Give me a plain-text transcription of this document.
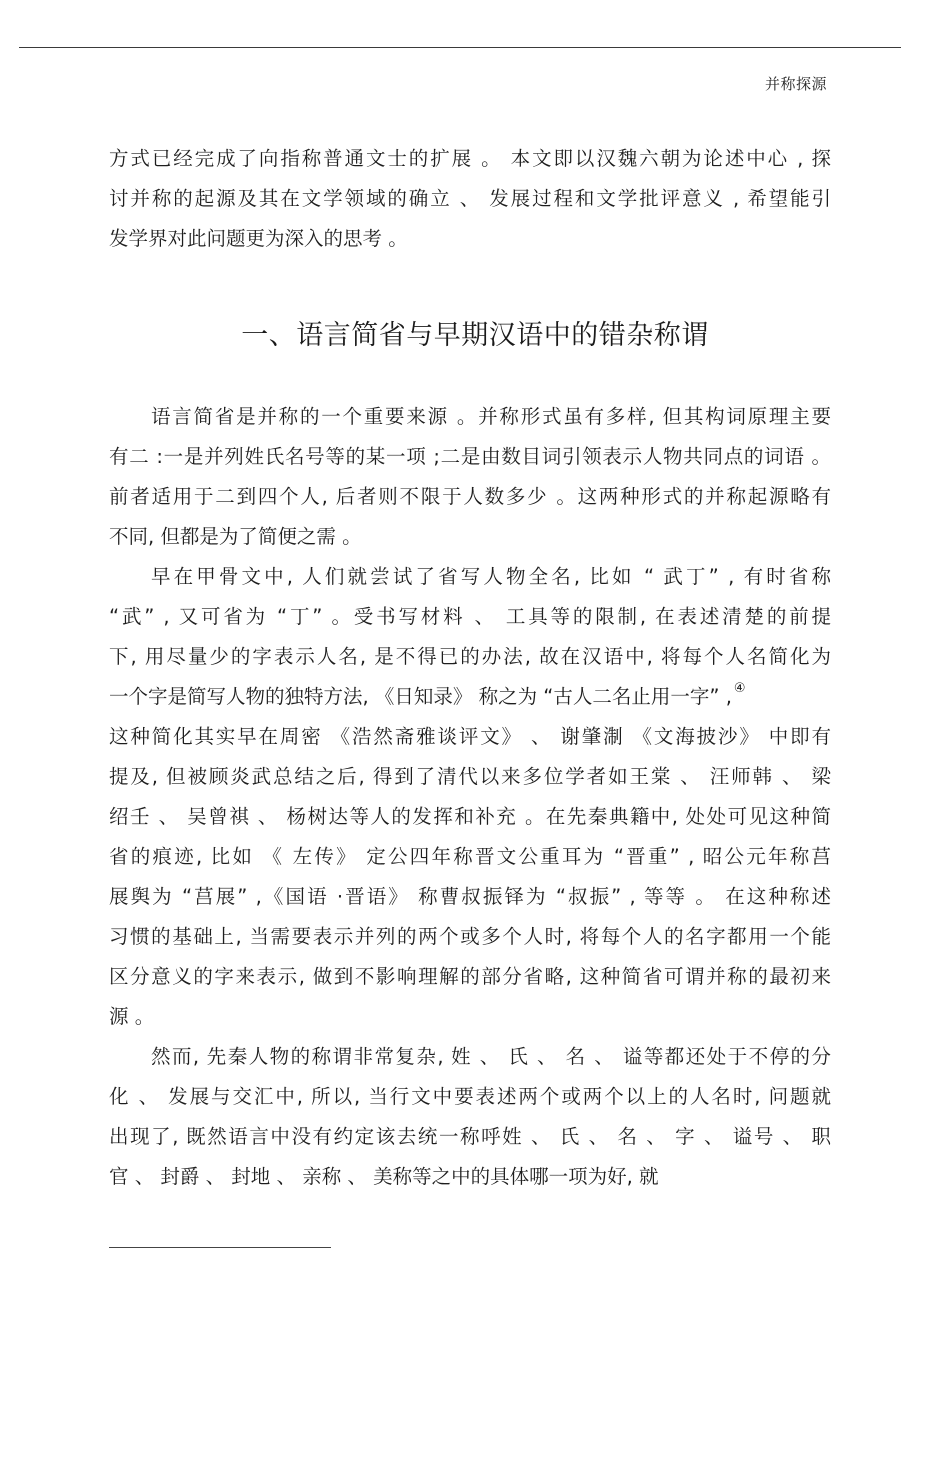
并称探源
方式已经完成了向指称普通文士的扩展 。 本文即以汉魏六朝为论述中心 , 探
讨并称的起源及其在文学领域的确立 、 发展过程和文学批评意义 , 希望能引
发学界对此问题更为深入的思考 。
一、语言简省与早期汉语中的错杂称谓
语言简省是并称的一个重要来源 。并称形式虽有多样, 但其构词原理主要
有二 :一是并列姓氏名号等的某一项 ;二是由数目词引领表示人物共同点的词语 。
前者适用于二到四个人, 后者则不限于人数多少 。这两种形式的并称起源略有
不同, 但都是为了简便之需 。
早在甲骨文中, 人们就尝试了省写人物全名, 比如 “ 武丁” , 有时省称
“武” , 又可省为 “丁” 。受书写材料 、 工具等的限制, 在表述清楚的前提
下, 用尽量少的字表示人名, 是不得已的办法, 故在汉语中, 将每个人名简化为
一个字是简写人物的独特方法, 《日知录》 称之为 “古人二名止用一字” , ④
这种简化其实早在周密 《浩然斋雅谈评文》 、 谢肇淛 《文海披沙》 中即有
提及, 但被顾炎武总结之后, 得到了清代以来多位学者如王棠 、 汪师韩 、 梁
绍壬 、 吴曾祺 、 杨树达等人的发挥和补充 。在先秦典籍中, 处处可见这种简
省的痕迹, 比如 《 左传》 定公四年称晋文公重耳为 “晋重” , 昭公元年称莒
展舆为 “莒展” ,《国语 ·晋语》 称曹叔振铎为 “叔振” , 等等 。 在这种称述
习惯的基础上, 当需要表示并列的两个或多个人时, 将每个人的名字都用一个能
区分意义的字来表示, 做到不影响理解的部分省略, 这种简省可谓并称的最初来
源 。
然而, 先秦人物的称谓非常复杂, 姓 、 氏 、 名 、 谥等都还处于不停的分
化 、 发展与交汇中, 所以, 当行文中要表述两个或两个以上的人名时, 问题就
出现了, 既然语言中没有约定该去统一称呼姓 、 氏 、 名 、 字 、 谥号 、 职
官 、 封爵 、 封地 、 亲称 、 美称等之中的具体哪一项为好, 就
